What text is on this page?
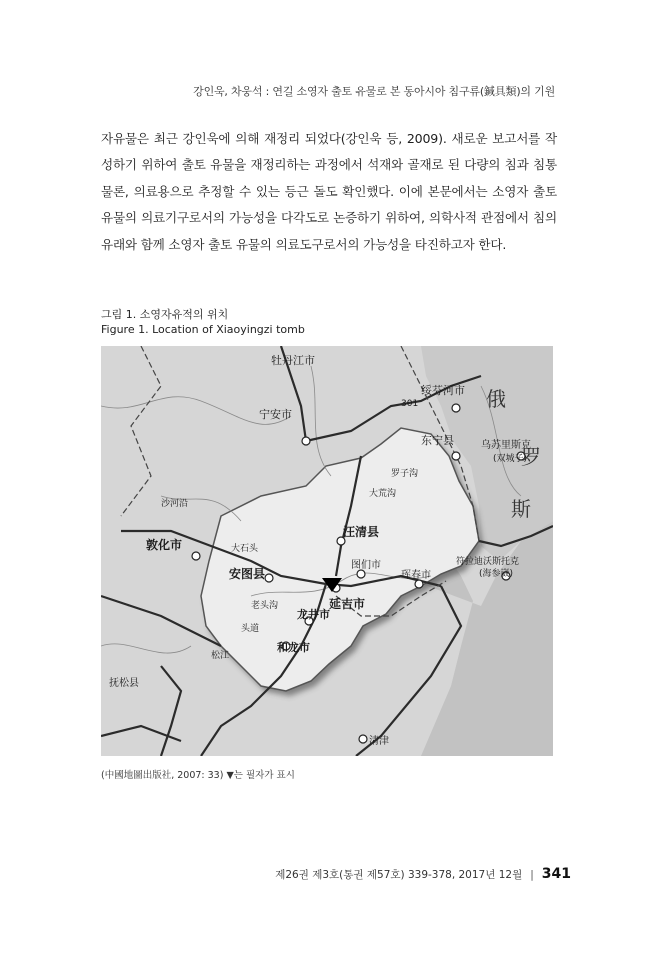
강인욱, 차웅석 : 연길 소영자 출토 유물로 본 동아시아 침구류(鍼具類)의 기원

자유물은 최근 강인욱에 의해 재정리 되었다(강인욱 등, 2009). 새로운 보고서를 작성하기 위하여 출토 유물을 재정리하는 과정에서 석재와 골재로 된 다량의 침과 침통 물론, 의료용으로 추정할 수 있는 등근 돌도 확인했다. 이에 본문에서는 소영자 출토 유물의 의료기구로서의 가능성을 다각도로 논증하기 위하여, 의학사적 관점에서 침의 유래와 함께 소영자 출토 유물의 의료도구로서의 가능성을 타진하고자 한다.

그림 1. 소영자유적의 위치
Figure 1. Location of Xiaoyingzi tomb
俄
罗
斯
牡丹江市
宁安市
绥芬河市
东宁县	乌苏里斯克
(双城子)
敦化市
汪清县
安图县
延吉市
龙井市
和龙市
图们市
珲春市
符拉迪沃斯托克
(海参崴)
清津
抚松县
沙河沿
大石头
罗子沟
大荒沟
老头沟
松江
头道
301
(中國地圖出版社, 2007: 33) ▼는 필자가 표시
제26권 제3호(통권 제57호) 339-378, 2017년 12월 | 341
